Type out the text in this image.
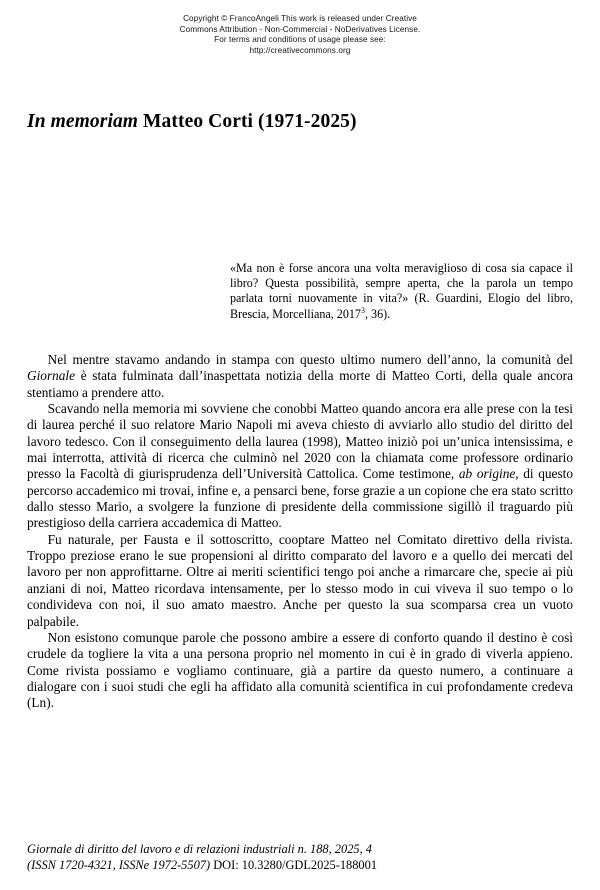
Copyright © FrancoAngeli This work is released under Creative
Commons Attribution - Non-Commercial - NoDerivatives License.
For terms and conditions of usage please see:
http://creativecommons.org
In memoriam Matteo Corti (1971-2025)
«Ma non è forse ancora una volta meraviglioso di cosa sia capace il libro? Questa possibilità, sempre aperta, che la parola un tempo parlata torni nuovamente in vita?» (R. Guardini, Elogio del libro, Brescia, Morcelliana, 2017$^3$, 36).

Nel mentre stavamo andando in stampa con questo ultimo numero dell’anno, la comunità del Giornale è stata fulminata dall’inaspettata notizia della morte di Matteo Corti, della quale ancora stentiamo a prendere atto.

Scavando nella memoria mi sovviene che conobbi Matteo quando ancora era alle prese con la tesi di laurea perché il suo relatore Mario Napoli mi aveva chiesto di avviarlo allo studio del diritto del lavoro tedesco. Con il conseguimento della laurea (1998), Matteo iniziò poi un’unica intensissima, e mai interrotta, attività di ricerca che culminò nel 2020 con la chiamata come professore ordinario presso la Facoltà di giurisprudenza dell’Università Cattolica. Come testimone, ab origine, di questo percorso accademico mi trovai, infine e, a pensarci bene, forse grazie a un copione che era stato scritto dallo stesso Mario, a svolgere la funzione di presidente della commissione sigillò il traguardo più prestigioso della carriera accademica di Matteo.

Fu naturale, per Fausta e il sottoscritto, cooptare Matteo nel Comitato direttivo della rivista. Troppo preziose erano le sue propensioni al diritto comparato del lavoro e a quello dei mercati del lavoro per non approfittarne. Oltre ai meriti scientifici tengo poi anche a rimarcare che, specie ai più anziani di noi, Matteo ricordava intensamente, per lo stesso modo in cui viveva il suo tempo o lo condivideva con noi, il suo amato maestro. Anche per questo la sua scomparsa crea un vuoto palpabile.

Non esistono comunque parole che possono ambire a essere di conforto quando il destino è così crudele da togliere la vita a una persona proprio nel momento in cui è in grado di viverla appieno. Come rivista possiamo e vogliamo continuare, già a partire da questo numero, a continuare a dialogare con i suoi studi che egli ha affidato alla comunità scientifica in cui profondamente credeva (Ln).

Giornale di diritto del lavoro e di relazioni industriali n. 188, 2025, 4
(ISSN 1720-4321, ISSNe 1972-5507) DOI: 10.3280/GDL2025-188001
